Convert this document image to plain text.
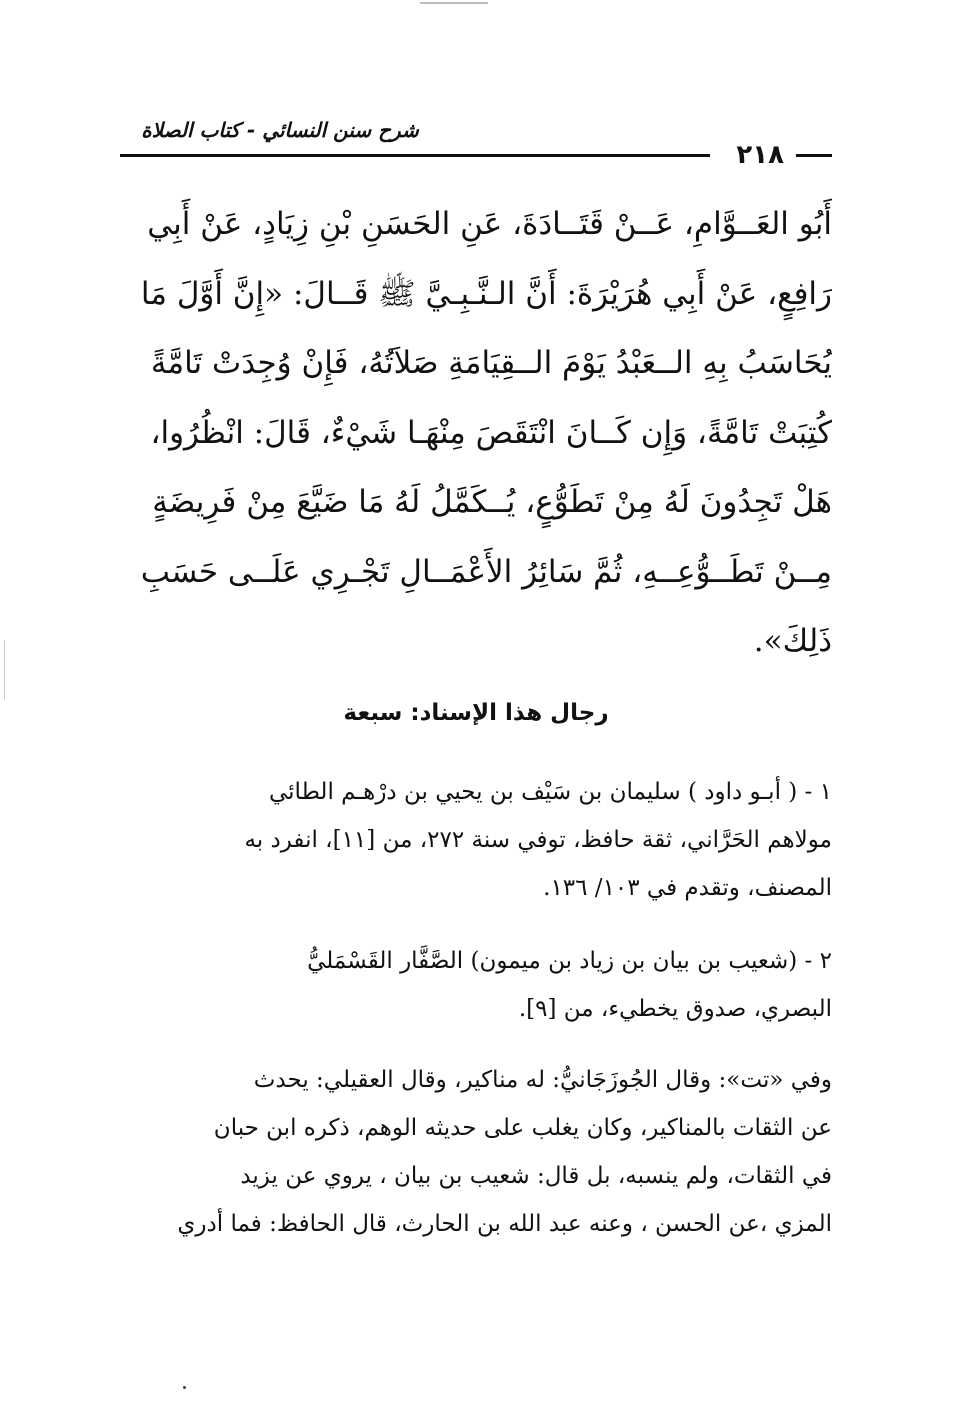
شرح سنن النسائي - كتاب الصلاة
٢١٨
أَبُو العَــوَّامِ، عَــنْ قَتَــادَةَ، عَنِ الحَسَنِ بْنِ زِيَادٍ، عَنْ أَبِي
رَافِعٍ، عَنْ أَبِي هُرَيْرَةَ: أَنَّ الـنَّـبِـيَّ ﷺ قَــالَ: «إِنَّ أَوَّلَ مَا
يُحَاسَبُ بِهِ الــعَبْدُ يَوْمَ الــقِيَامَةِ صَلاَتُهُ، فَإِنْ وُجِدَتْ تَامَّةً
كُتِبَتْ تَامَّةً، وَإِن كَــانَ انْتَقَصَ مِنْهَـا شَيْءٌ، قَالَ: انْظُرُوا،
هَلْ تَجِدُونَ لَهُ مِنْ تَطَوُّعٍ، يُــكَمَّلُ لَهُ مَا ضَيَّعَ مِنْ فَرِيضَةٍ
مِــنْ تَطَــوُّعِــهِ، ثُمَّ سَائِرُ الأَعْمَــالِ تَجْـرِي عَلَــى حَسَبِ
ذَلِكَ».
رجال هذا الإسناد: سبعة
١ - ( أبـو داود ) سليمان بن سَيْف بن يحيي بن درْهـم الطائي
مولاهم الحَرَّاني، ثقة حافظ، توفي سنة ٢٧٢، من [١١]، انفرد به
المصنف، وتقدم في ١٠٣/ ١٣٦.
٢ - (شعيب بن بيان بن زياد بن ميمون) الصَّفَّار القَسْمَليُّ
البصري، صدوق يخطيء، من [٩].
وفي «تت»: وقال الجُوزَجَانيُّ: له مناكير، وقال العقيلي: يحدث
عن الثقات بالمناكير، وكان يغلب على حديثه الوهم، ذكره ابن حبان
في الثقات، ولم ينسبه، بل قال: شعيب بن بيان ، يروي عن يزيد
المزي ،عن الحسن ، وعنه عبد الله بن الحارث، قال الحافظ: فما أدري
